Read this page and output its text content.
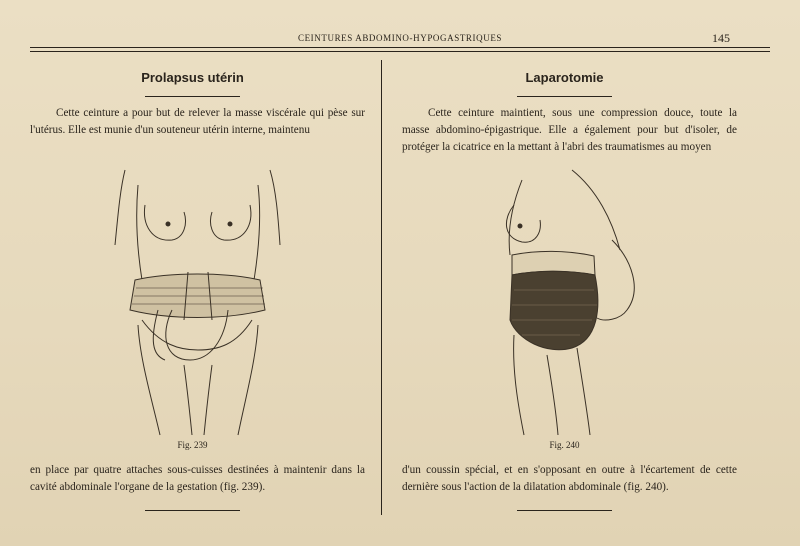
CEINTURES ABDOMINO-HYPOGASTRIQUES	145
Prolapsus utérin
Cette ceinture a pour but de relever la masse viscérale qui pèse sur l'utérus. Elle est munie d'un souteneur utérin interne, maintenu
Fig. 239
en place par quatre attaches sous-cuisses destinées à maintenir dans la cavité abdominale l'organe de la gestation (fig. 239).
Laparotomie
Cette ceinture maintient, sous une compression douce, toute la masse abdomino-épigastrique. Elle a également pour but d'isoler, de protéger la cicatrice en la mettant à l'abri des traumatismes au moyen
Fig. 240
d'un coussin spécial, et en s'opposant en outre à l'écartement de cette dernière sous l'action de la dilatation abdominale (fig. 240).
